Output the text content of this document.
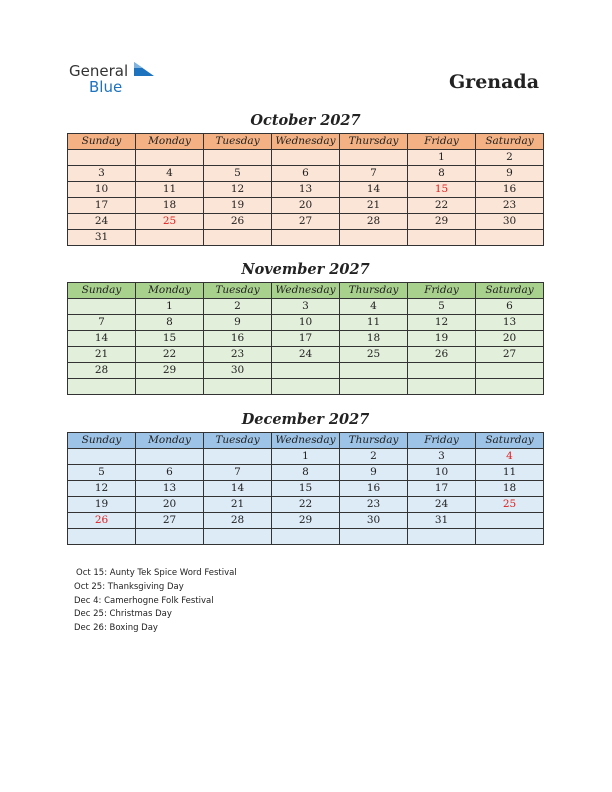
General
Blue	Grenada
October 2027
Sunday	Monday	Tuesday	Wednesday	Thursday	Friday	Saturday
					1	2
3	4	5	6	7	8	9
10	11	12	13	14	15	16
17	18	19	20	21	22	23
24	25	26	27	28	29	30
31						
November 2027
Sunday	Monday	Tuesday	Wednesday	Thursday	Friday	Saturday
	1	2	3	4	5	6
7	8	9	10	11	12	13
14	15	16	17	18	19	20
21	22	23	24	25	26	27
28	29	30				

December 2027
Sunday	Monday	Tuesday	Wednesday	Thursday	Friday	Saturday
			1	2	3	4
5	6	7	8	9	10	11
12	13	14	15	16	17	18
19	20	21	22	23	24	25
26	27	28	29	30	31	

Oct 15: Aunty Tek Spice Word Festival
Oct 25: Thanksgiving Day
Dec 4: Camerhogne Folk Festival
Dec 25: Christmas Day
Dec 26: Boxing Day
